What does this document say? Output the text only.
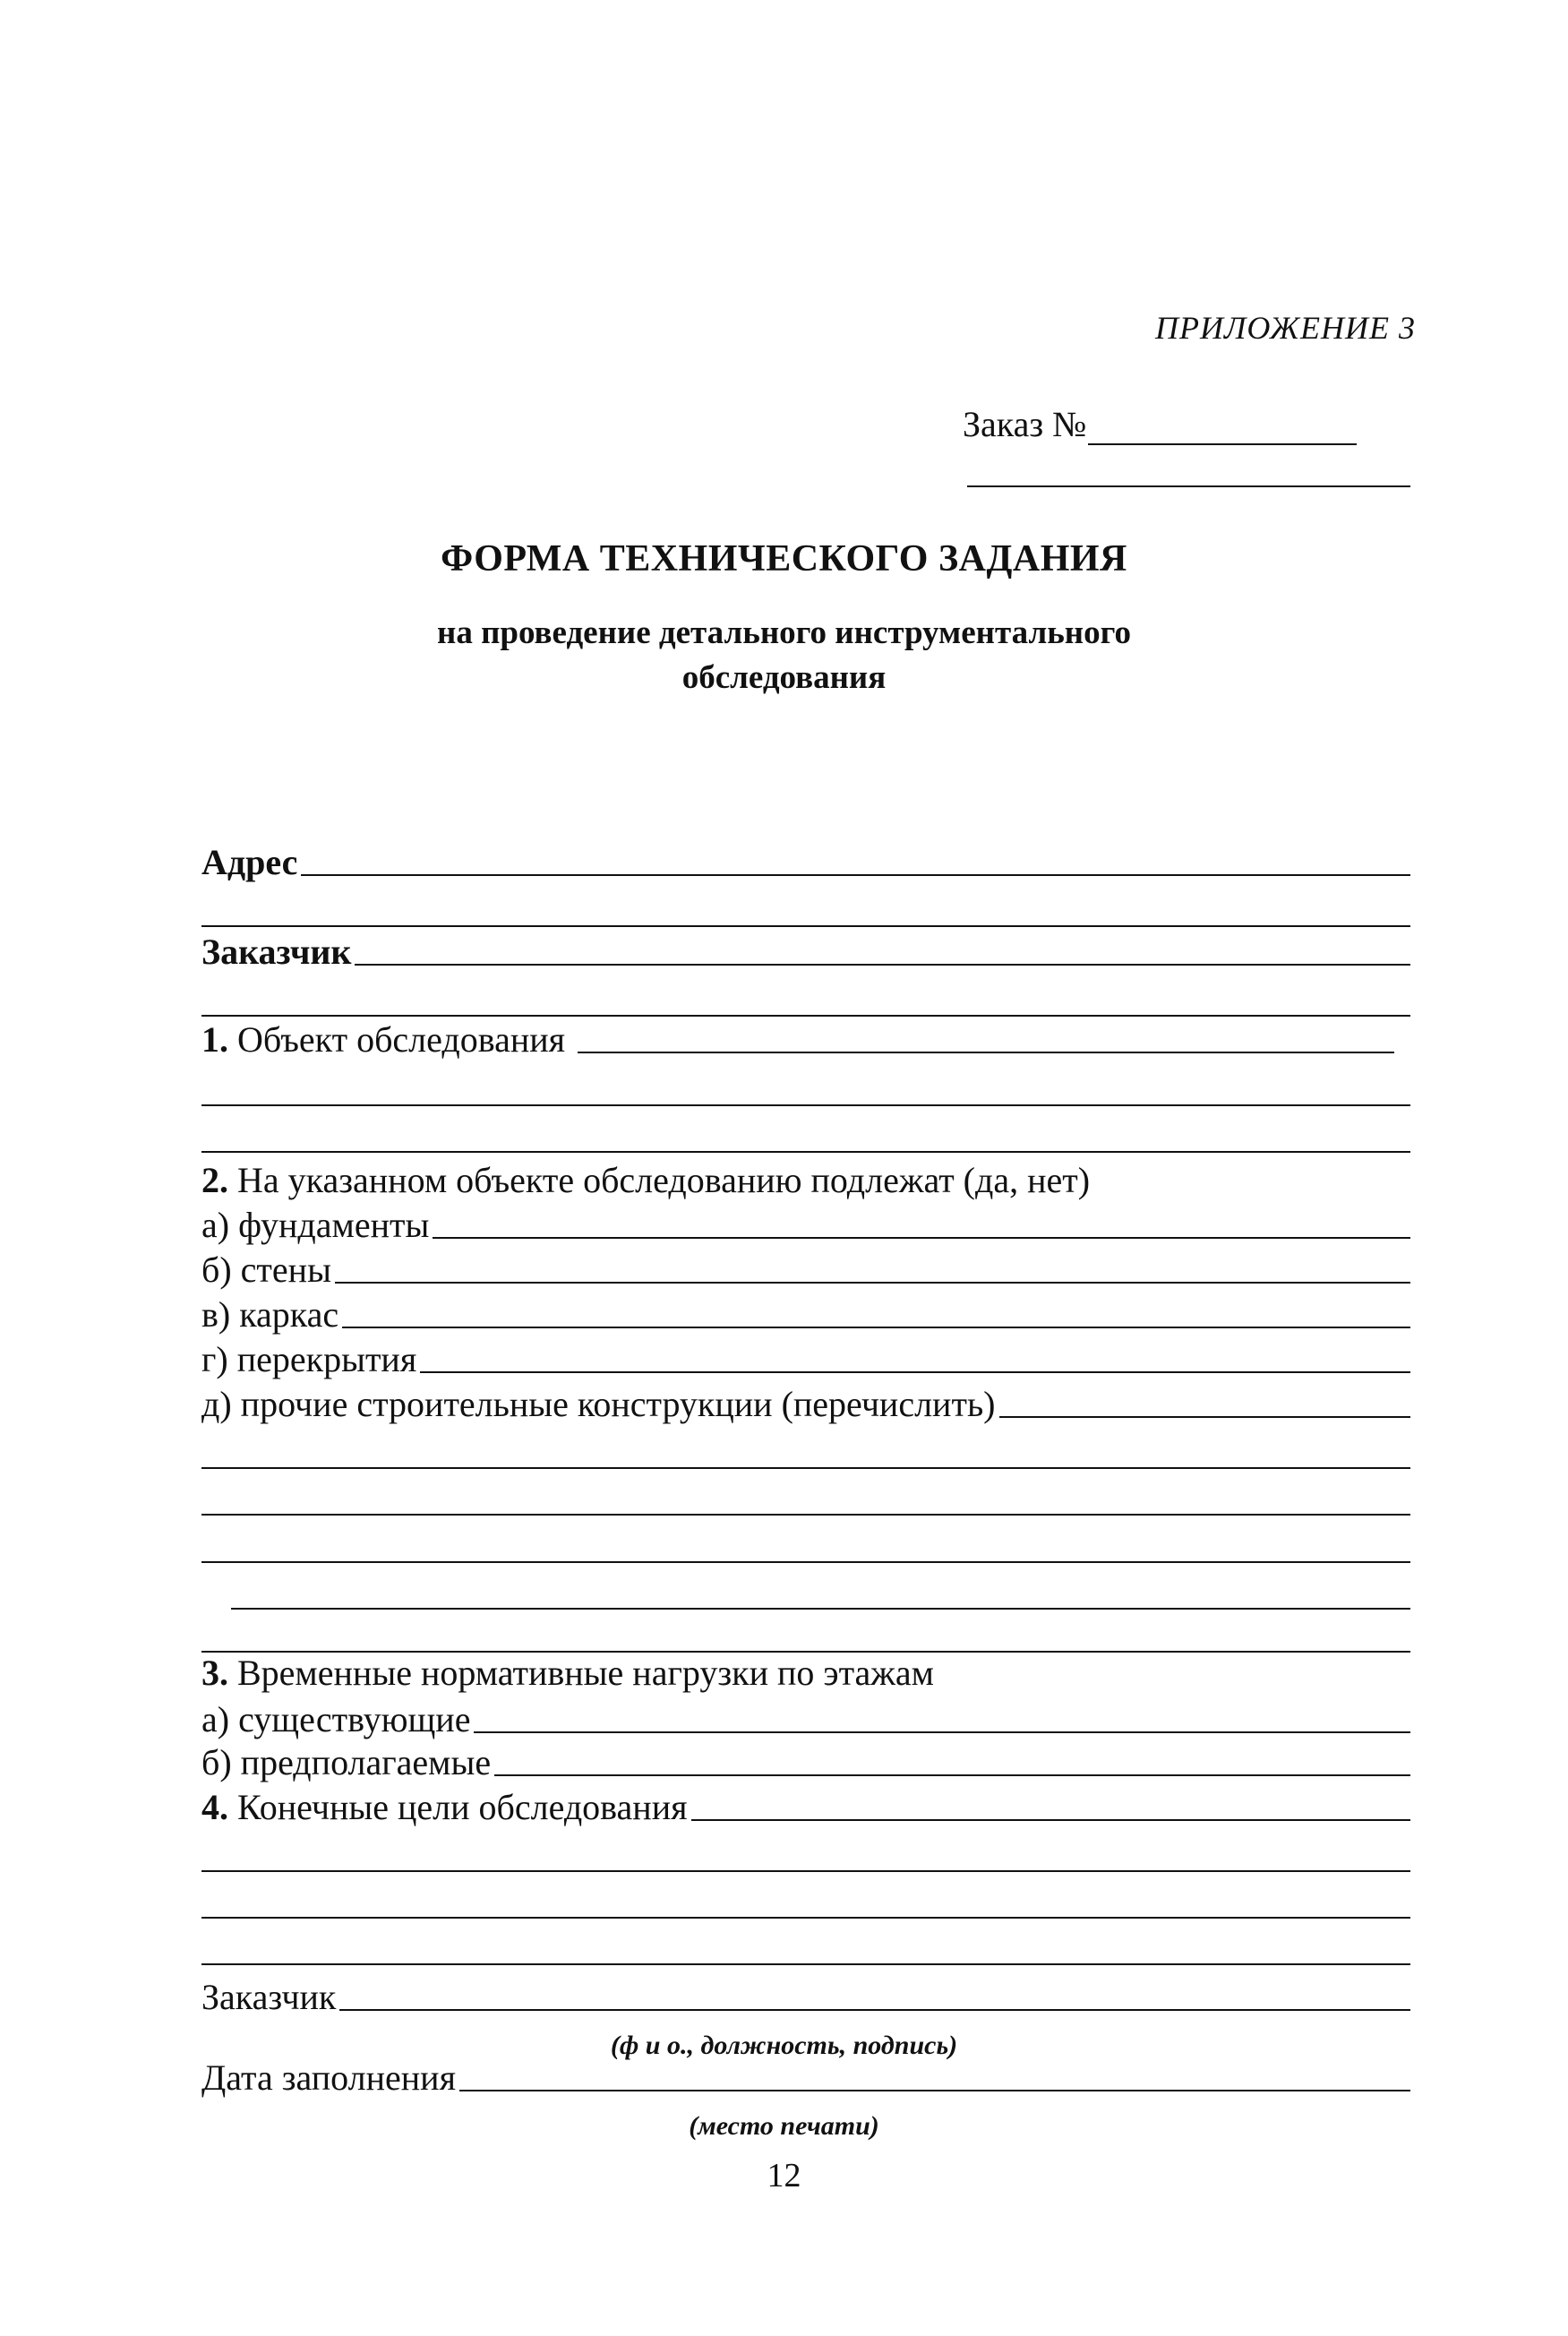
ПРИЛОЖЕНИЕ 3
Заказ №
ФОРМА ТЕХНИЧЕСКОГО ЗАДАНИЯ
на проведение детального инструментального
обследования
Адрес
Заказчик
1.
Объект обследования
2.
На указанном объекте обследованию подлежат (да, нет)
а) фундаменты
б) стены
в) каркас
г) перекрытия
д) прочие строительные конструкции (перечислить)
3.
Временные нормативные нагрузки по этажам
а) существующие
б) предполагаемые
4.
Конечные цели обследования
Заказчик
(ф и о., должность, подпись)
Дата заполнения
(место печати)
12
